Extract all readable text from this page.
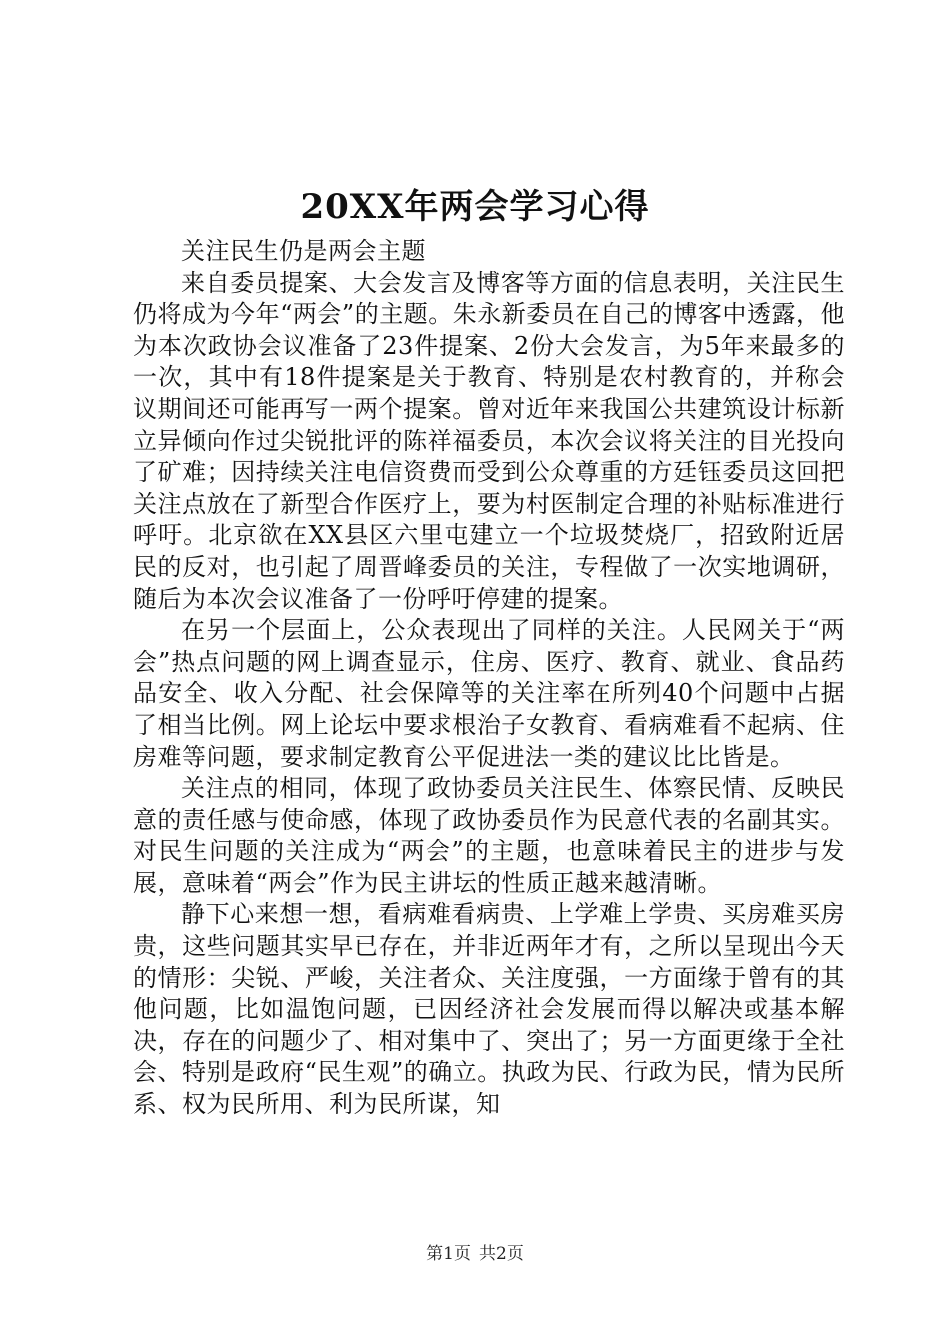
20XX年两会学习心得

关注民生仍是两会主题

来自委员提案、大会发言及博客等方面的信息表明，关注民生仍将成为今年“两会”的主题。朱永新委员在自己的博客中透露，他为本次政协会议准备了23件提案、2份大会发言，为5年来最多的一次，其中有18件提案是关于教育、特别是农村教育的，并称会议期间还可能再写一两个提案。曾对近年来我国公共建筑设计标新立异倾向作过尖锐批评的陈祥福委员，本次会议将关注的目光投向了矿难；因持续关注电信资费而受到公众尊重的方廷钰委员这回把关注点放在了新型合作医疗上，要为村医制定合理的补贴标准进行呼吁。北京欲在XX县区六里屯建立一个垃圾焚烧厂，招致附近居民的反对，也引起了周晋峰委员的关注，专程做了一次实地调研，随后为本次会议准备了一份呼吁停建的提案。

在另一个层面上，公众表现出了同样的关注。人民网关于“两会”热点问题的网上调查显示，住房、医疗、教育、就业、食品药品安全、收入分配、社会保障等的关注率在所列40个问题中占据了相当比例。网上论坛中要求根治子女教育、看病难看不起病、住房难等问题，要求制定教育公平促进法一类的建议比比皆是。

关注点的相同，体现了政协委员关注民生、体察民情、反映民意的责任感与使命感，体现了政协委员作为民意代表的名副其实。对民生问题的关注成为“两会”的主题，也意味着民主的进步与发展，意味着“两会”作为民主讲坛的性质正越来越清晰。

静下心来想一想，看病难看病贵、上学难上学贵、买房难买房贵，这些问题其实早已存在，并非近两年才有，之所以呈现出今天的情形：尖锐、严峻，关注者众、关注度强，一方面缘于曾有的其他问题，比如温饱问题，已因经济社会发展而得以解决或基本解决，存在的问题少了、相对集中了、突出了；另一方面更缘于全社会、特别是政府“民生观”的确立。执政为民、行政为民，情为民所系、权为民所用、利为民所谋，知

第1页 共2页
